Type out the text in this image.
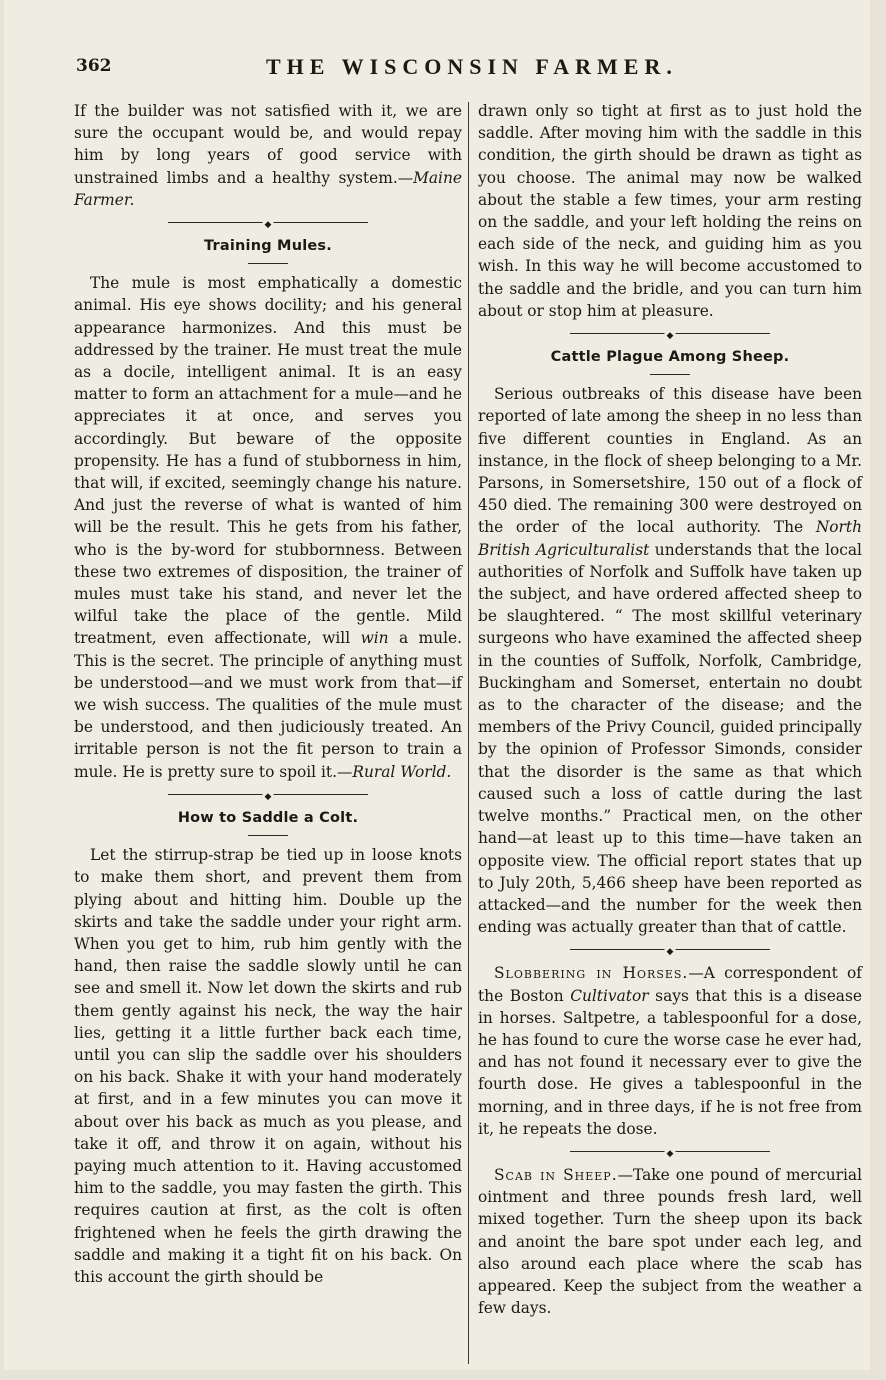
362	THE WISCONSIN FARMER.

If the builder was not satisfied with it, we are sure the occupant would be, and would repay him by long years of good service with unstrained limbs and a healthy system.—Maine Farmer.

◆
Training Mules.

The mule is most emphatically a domestic animal. His eye shows docility; and his general appearance harmonizes. And this must be addressed by the trainer. He must treat the mule as a docile, intelligent animal. It is an easy matter to form an attachment for a mule—and he appreciates it at once, and serves you accordingly. But beware of the opposite propensity. He has a fund of stubborness in him, that will, if excited, seemingly change his nature. And just the reverse of what is wanted of him will be the result. This he gets from his father, who is the by-word for stubbornness. Between these two extremes of disposition, the trainer of mules must take his stand, and never let the wilful take the place of the gentle. Mild treatment, even affectionate, will win a mule. This is the secret. The principle of anything must be understood—and we must work from that—if we wish success. The qualities of the mule must be understood, and then judiciously treated. An irritable person is not the fit person to train a mule. He is pretty sure to spoil it.—Rural World.

◆
How to Saddle a Colt.

Let the stirrup-strap be tied up in loose knots to make them short, and prevent them from plying about and hitting him. Double up the skirts and take the saddle under your right arm. When you get to him, rub him gently with the hand, then raise the saddle slowly until he can see and smell it. Now let down the skirts and rub them gently against his neck, the way the hair lies, getting it a little further back each time, until you can slip the saddle over his shoulders on his back. Shake it with your hand moderately at first, and in a few minutes you can move it about over his back as much as you please, and take it off, and throw it on again, without his paying much attention to it. Having accustomed him to the saddle, you may fasten the girth. This requires caution at first, as the colt is often frightened when he feels the girth drawing the saddle and making it a tight fit on his back. On this account the girth should be

drawn only so tight at first as to just hold the saddle. After moving him with the saddle in this condition, the girth should be drawn as tight as you choose. The animal may now be walked about the stable a few times, your arm resting on the saddle, and your left holding the reins on each side of the neck, and guiding him as you wish. In this way he will become accustomed to the saddle and the bridle, and you can turn him about or stop him at pleasure.

◆
Cattle Plague Among Sheep.

Serious outbreaks of this disease have been reported of late among the sheep in no less than five different counties in England. As an instance, in the flock of sheep belonging to a Mr. Parsons, in Somersetshire, 150 out of a flock of 450 died. The remaining 300 were destroyed on the order of the local authority. The North British Agriculturalist understands that the local authorities of Norfolk and Suffolk have taken up the subject, and have ordered affected sheep to be slaughtered. “ The most skillful veterinary surgeons who have examined the affected sheep in the counties of Suffolk, Norfolk, Cambridge, Buckingham and Somerset, entertain no doubt as to the character of the disease; and the members of the Privy Council, guided principally by the opinion of Professor Simonds, consider that the disorder is the same as that which caused such a loss of cattle during the last twelve months.” Practical men, on the other hand—at least up to this time—have taken an opposite view. The official report states that up to July 20th, 5,466 sheep have been reported as attacked—and the number for the week then ending was actually greater than that of cattle.

◆

Slobbering in Horses.—A correspondent of the Boston Cultivator says that this is a disease in horses. Saltpetre, a tablespoonful for a dose, he has found to cure the worse case he ever had, and has not found it necessary ever to give the fourth dose. He gives a tablespoonful in the morning, and in three days, if he is not free from it, he repeats the dose.

◆

Scab in Sheep.—Take one pound of mercurial ointment and three pounds fresh lard, well mixed together. Turn the sheep upon its back and anoint the bare spot under each leg, and also around each place where the scab has appeared. Keep the subject from the weather a few days.
